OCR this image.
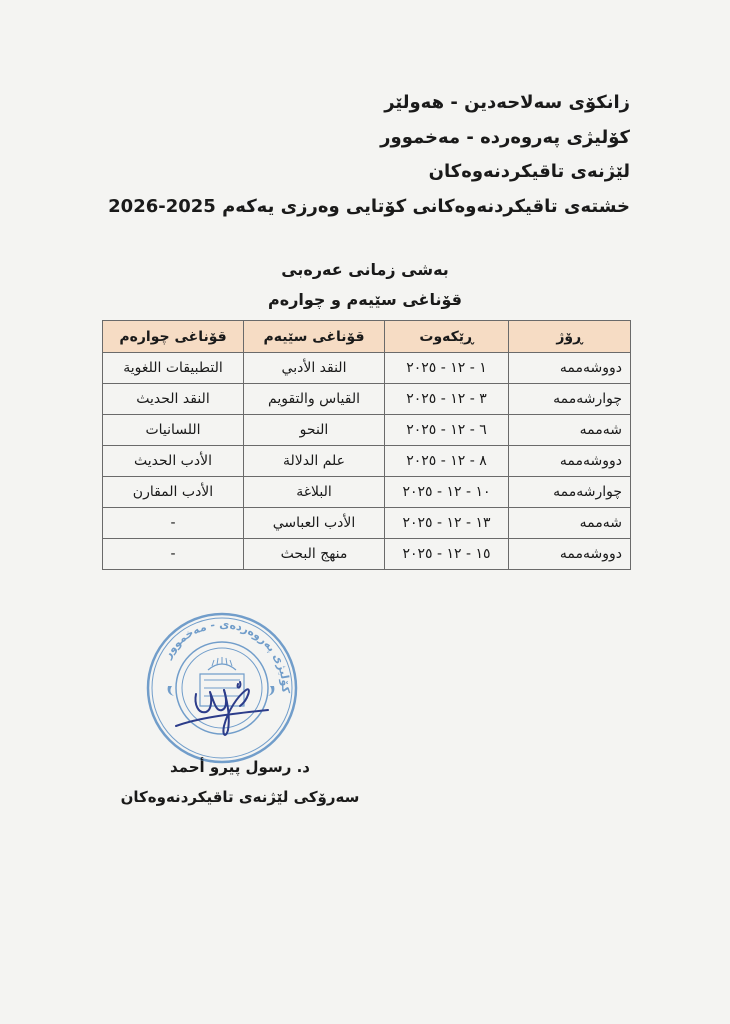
زانکۆی سەلاحەدین - هەولێر
کۆلیژی پەروەردە - مەخموور
لێژنەی تاقیکردنەوەکان
خشتەی تاقیکردنەوەکانی کۆتایی وەرزی یەکەم 2025-2026
بەشی زمانی عەرەبی
قۆناغی سێیەم و چوارەم
ڕۆژ	ڕێکەوت	قۆناغی سێیەم	قۆناغی چوارەم
دووشەممە	١ - ١٢ - ٢٠٢٥	النقد الأدبي	التطبيقات اللغوية
چوارشەممە	٣ - ١٢ - ٢٠٢٥	القياس والتقويم	النقد الحديث
شەممە	٦ - ١٢ - ٢٠٢٥	النحو	اللسانيات
دووشەممە	٨ - ١٢ - ٢٠٢٥	علم الدلالة	الأدب الحديث
چوارشەممە	١٠ - ١٢ - ٢٠٢٥	البلاغة	الأدب المقارن
شەممە	١٣ - ١٢ - ٢٠٢٥	الأدب العباسي	-
دووشەممە	١٥ - ١٢ - ٢٠٢٥	منهج البحث	-
کۆلیژی پەروەردەی - مەخموور
د. رسول پيرو أحمد
سەرۆکی لێژنەی تاقیکردنەوەکان
